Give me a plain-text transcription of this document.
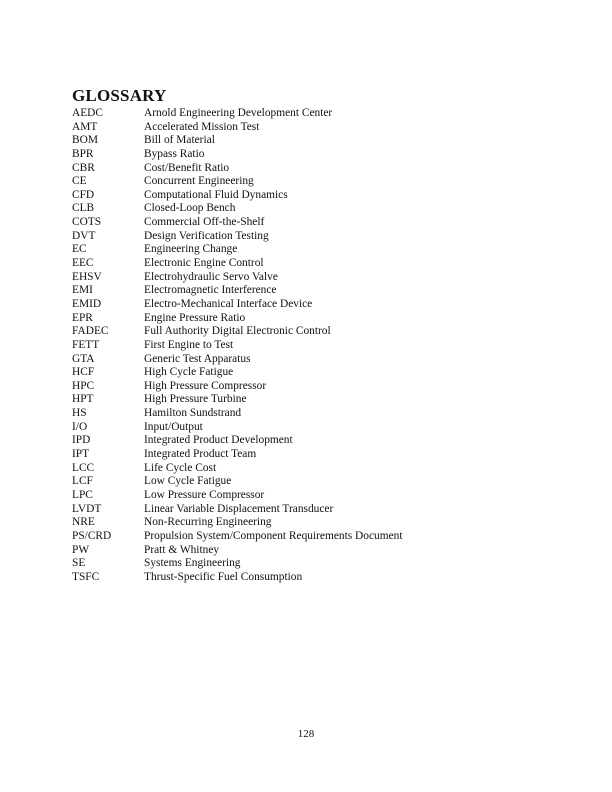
GLOSSARY
AEDC	Arnold Engineering Development Center
AMT	Accelerated Mission Test
BOM	Bill of Material
BPR	Bypass Ratio
CBR	Cost/Benefit Ratio
CE	Concurrent Engineering
CFD	Computational Fluid Dynamics
CLB	Closed-Loop Bench
COTS	Commercial Off-the-Shelf
DVT	Design Verification Testing
EC	Engineering Change
EEC	Electronic Engine Control
EHSV	Electrohydraulic Servo Valve
EMI	Electromagnetic Interference
EMID	Electro-Mechanical Interface Device
EPR	Engine Pressure Ratio
FADEC	Full Authority Digital Electronic Control
FETT	First Engine to Test
GTA	Generic Test Apparatus
HCF	High Cycle Fatigue
HPC	High Pressure Compressor
HPT	High Pressure Turbine
HS	Hamilton Sundstrand
I/O	Input/Output
IPD	Integrated Product Development
IPT	Integrated Product Team
LCC	Life Cycle Cost
LCF	Low Cycle Fatigue
LPC	Low Pressure Compressor
LVDT	Linear Variable Displacement Transducer
NRE	Non-Recurring Engineering
PS/CRD	Propulsion System/Component Requirements Document
PW	Pratt & Whitney
SE	Systems Engineering
TSFC	Thrust-Specific Fuel Consumption
128
